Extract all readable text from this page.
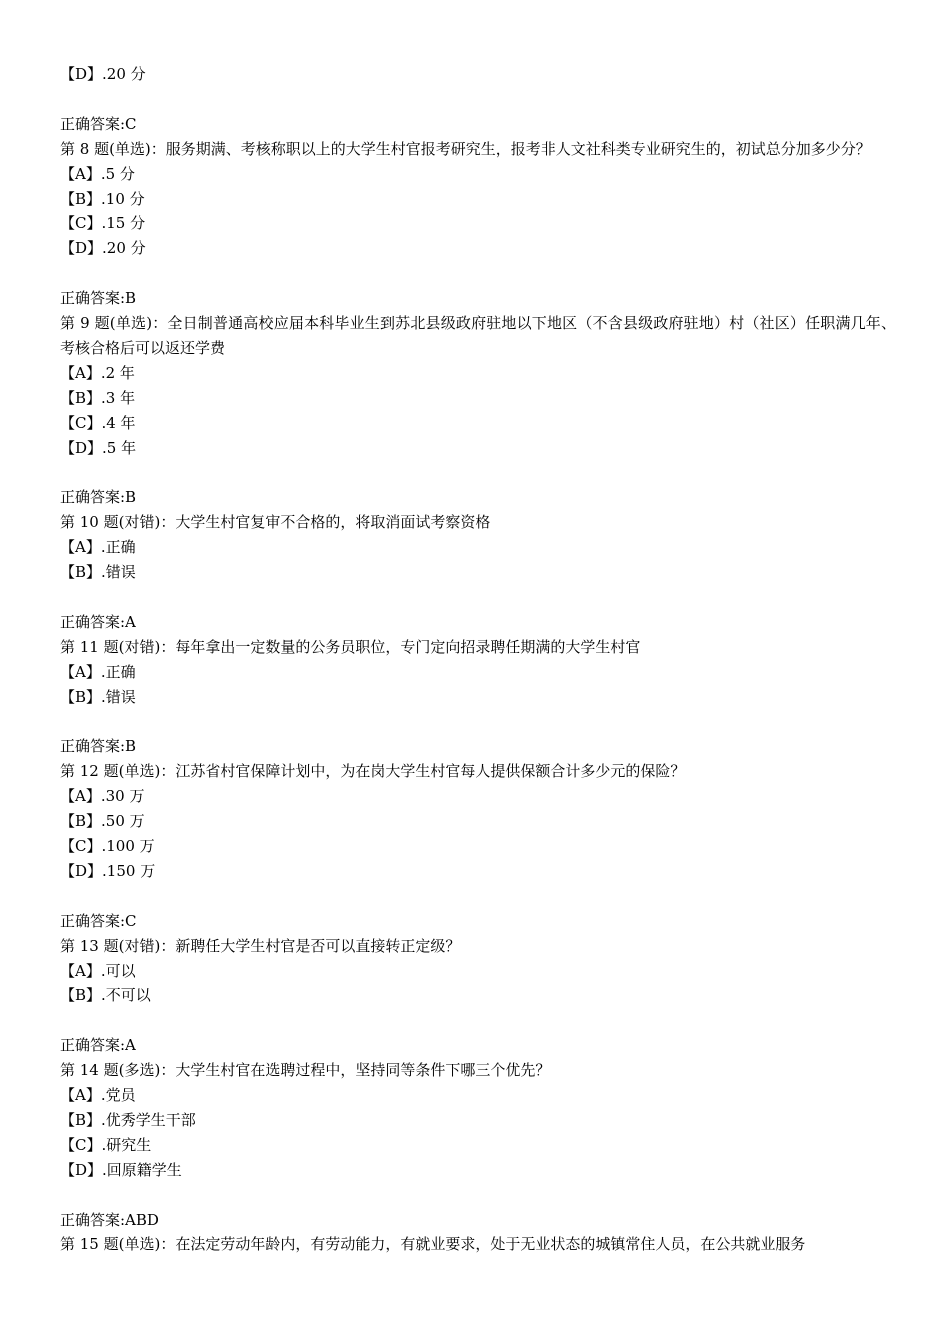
【D】.20 分
正确答案:C
第 8 题(单选)：服务期满、考核称职以上的大学生村官报考研究生，报考非人文社科类专业研究生的，初试总分加多少分？
【A】.5 分
【B】.10 分
【C】.15 分
【D】.20 分
正确答案:B
第 9 题(单选)：全日制普通高校应届本科毕业生到苏北县级政府驻地以下地区（不含县级政府驻地）村（社区）任职满几年、考核合格后可以返还学费
【A】.2 年
【B】.3 年
【C】.4 年
【D】.5 年
正确答案:B
第 10 题(对错)：大学生村官复审不合格的，将取消面试考察资格
【A】.正确
【B】.错误
正确答案:A
第 11 题(对错)：每年拿出一定数量的公务员职位，专门定向招录聘任期满的大学生村官
【A】.正确
【B】.错误
正确答案:B
第 12 题(单选)：江苏省村官保障计划中，为在岗大学生村官每人提供保额合计多少元的保险？
【A】.30 万
【B】.50 万
【C】.100 万
【D】.150 万
正确答案:C
第 13 题(对错)：新聘任大学生村官是否可以直接转正定级？
【A】.可以
【B】.不可以
正确答案:A
第 14 题(多选)：大学生村官在选聘过程中，坚持同等条件下哪三个优先？
【A】.党员
【B】.优秀学生干部
【C】.研究生
【D】.回原籍学生
正确答案:ABD
第 15 题(单选)：在法定劳动年龄内，有劳动能力，有就业要求，处于无业状态的城镇常住人员，在公共就业服务
